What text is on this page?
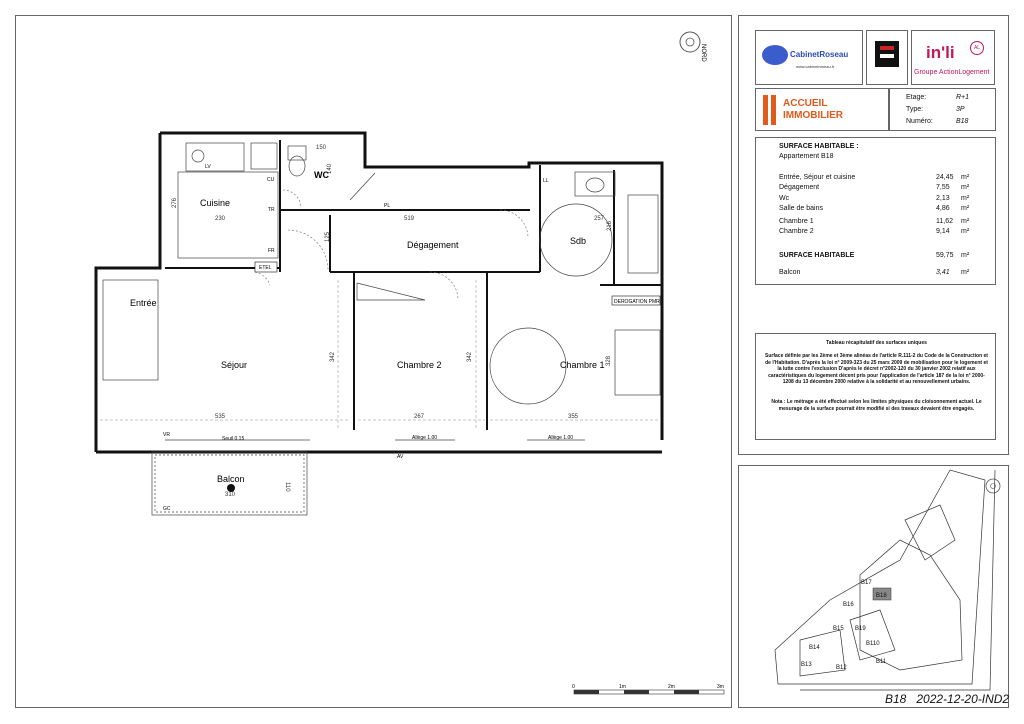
NORD
Cuisine
WC
Dégagement	Sdb
Entrée
Séjour	Chambre 2	Chambre 1
Balcon
ETEL
DEROGATION PMR
Seuil 0.15	Allège 1.00	Allège 1.00
PL
LL
LV
CU
TR
FR
GC
VR
AV
230
276
519	257
216
150
140
125
342	342	328
535	267	355
310
110
0	1m	2m	3m
CabinetRoseau
www.cabinetroseau.fr
in'li	AL
Groupe ActionLogement
ACCUEIL
IMMOBILIER
Etage:	R+1
Type:	3P
Numéro:	B18
SURFACE HABITABLE :
Appartement B18
Entrée, Séjour et cuisine	24,45 m²
Dégagement	7,55 m²
Wc	2,13 m²
Salle de bains	4,86 m²
Chambre 1	11,62 m²
Chambre 2	9,14 m²
SURFACE HABITABLE	59,75 m²
Balcon	3,41 m²
Tableau récapitulatif des surfaces uniques
Surface définie par les 2ème et 3ème alinéas de l'article R.111-2 du Code de la Construction et de l'Habitation. D'après la loi n° 2009-323 du 25 mars 2009 de mobilisation pour le logement et la lutte contre l'exclusion D'après le décret n°2002-120 du 30 janvier 2002 relatif aux caractéristiques du logement décent pris pour l'application de l'article 187 de la loi n° 2000-1208 du 13 décembre 2000 relative à la solidarité et au renouvellement urbains.
Nota : Le métrage a été effectué selon les limites physiques du cloisonnement actuel. Le mesurage de la surface pourrait être modifié si des travaux devaient être engagés.
B17
B18
B16
B19
B15
B110
B14
B12
B13	B11
B18   2022-12-20-IND2
